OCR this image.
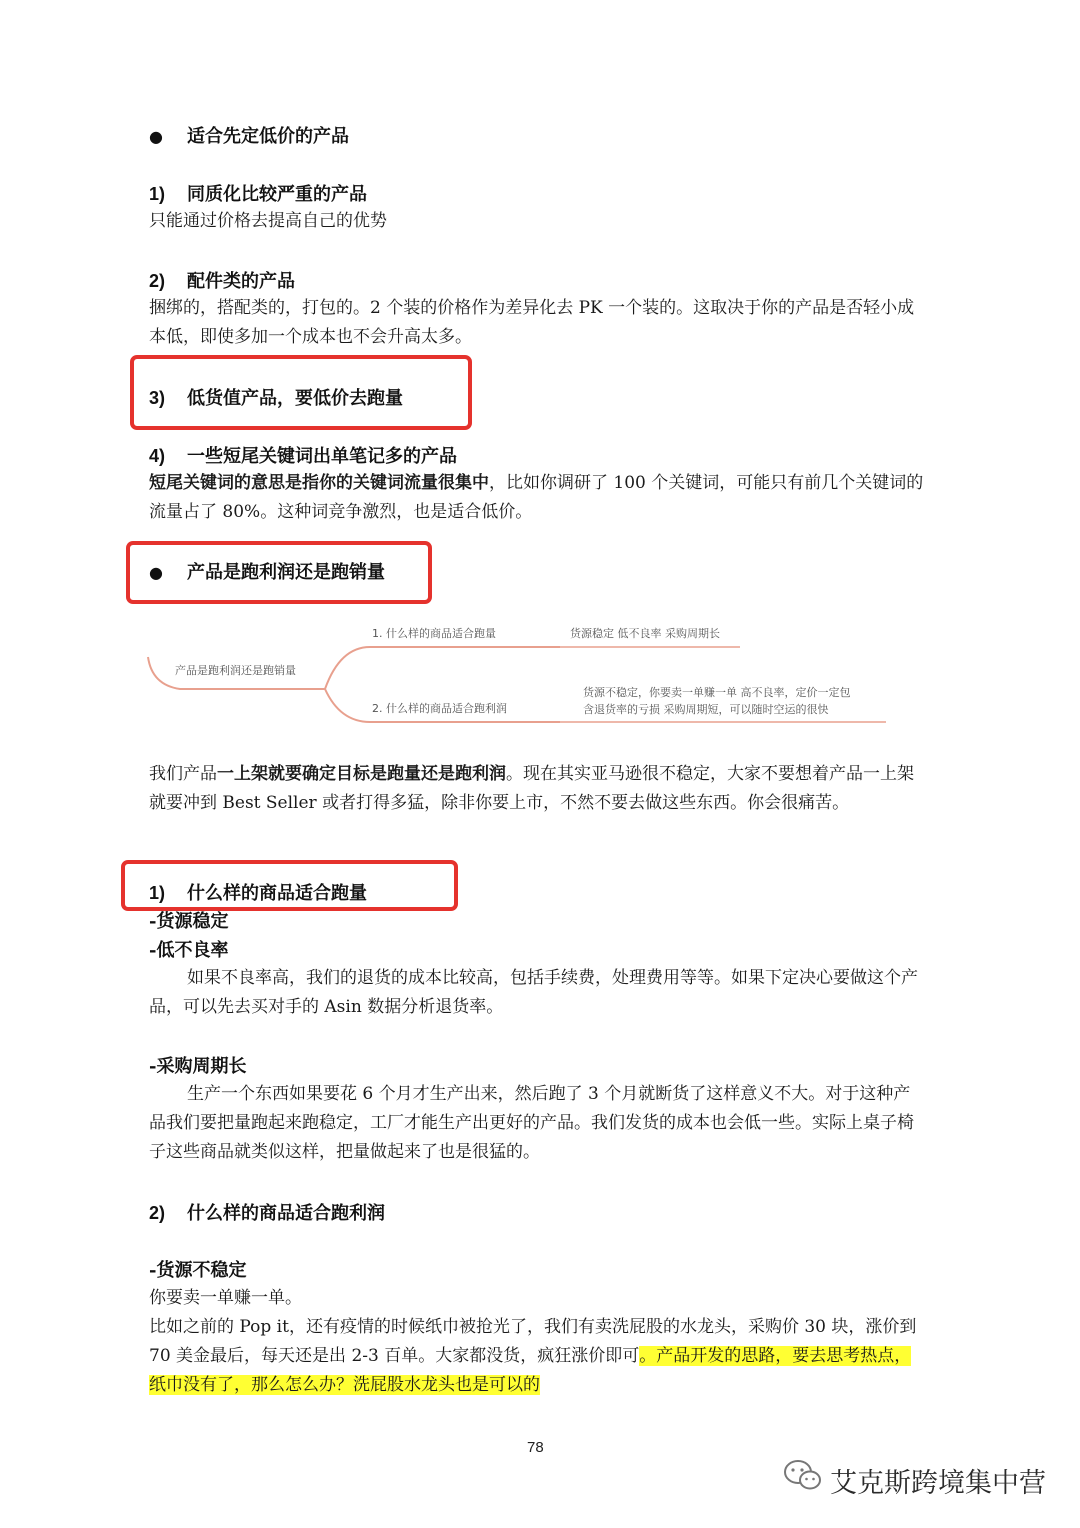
● 适合先定低价的产品
1) 同质化比较严重的产品
只能通过价格去提高自己的优势
2) 配件类的产品
捆绑的，搭配类的，打包的。2 个装的价格作为差异化去 PK 一个装的。这取决于你的产品是否轻小成本低，即使多加一个成本也不会升高太多。
3) 低货值产品，要低价去跑量
4) 一些短尾关键词出单笔记多的产品
短尾关键词的意思是指你的关键词流量很集中，比如你调研了 100 个关键词，可能只有前几个关键词的流量占了 80%。这种词竞争激烈，也是适合低价。
● 产品是跑利润还是跑销量
产品是跑利润还是跑销量
1. 什么样的商品适合跑量	货源稳定 低不良率 采购周期长
2. 什么样的商品适合跑利润
货源不稳定，你要卖一单赚一单 高不良率，定价一定包
含退货率的亏损 采购周期短，可以随时空运的很快
我们产品一上架就要确定目标是跑量还是跑利润。现在其实亚马逊很不稳定，大家不要想着产品一上架就要冲到 Best Seller 或者打得多猛，除非你要上市，不然不要去做这些东西。你会很痛苦。
1) 什么样的商品适合跑量
-货源稳定
-低不良率
如果不良率高，我们的退货的成本比较高，包括手续费，处理费用等等。如果下定决心要做这个产品，可以先去买对手的 Asin 数据分析退货率。
-采购周期长
生产一个东西如果要花 6 个月才生产出来，然后跑了 3 个月就断货了这样意义不大。对于这种产品我们要把量跑起来跑稳定，工厂才能生产出更好的产品。我们发货的成本也会低一些。实际上桌子椅子这些商品就类似这样，把量做起来了也是很猛的。
2) 什么样的商品适合跑利润
-货源不稳定
你要卖一单赚一单。
比如之前的 Pop it，还有疫情的时候纸巾被抢光了，我们有卖洗屁股的水龙头，采购价 30 块，涨价到 70 美金最后，每天还是出 2-3 百单。大家都没货，疯狂涨价即可。产品开发的思路，要去思考热点，纸巾没有了，那么怎么办？洗屁股水龙头也是可以的
78
艾克斯跨境集中营
